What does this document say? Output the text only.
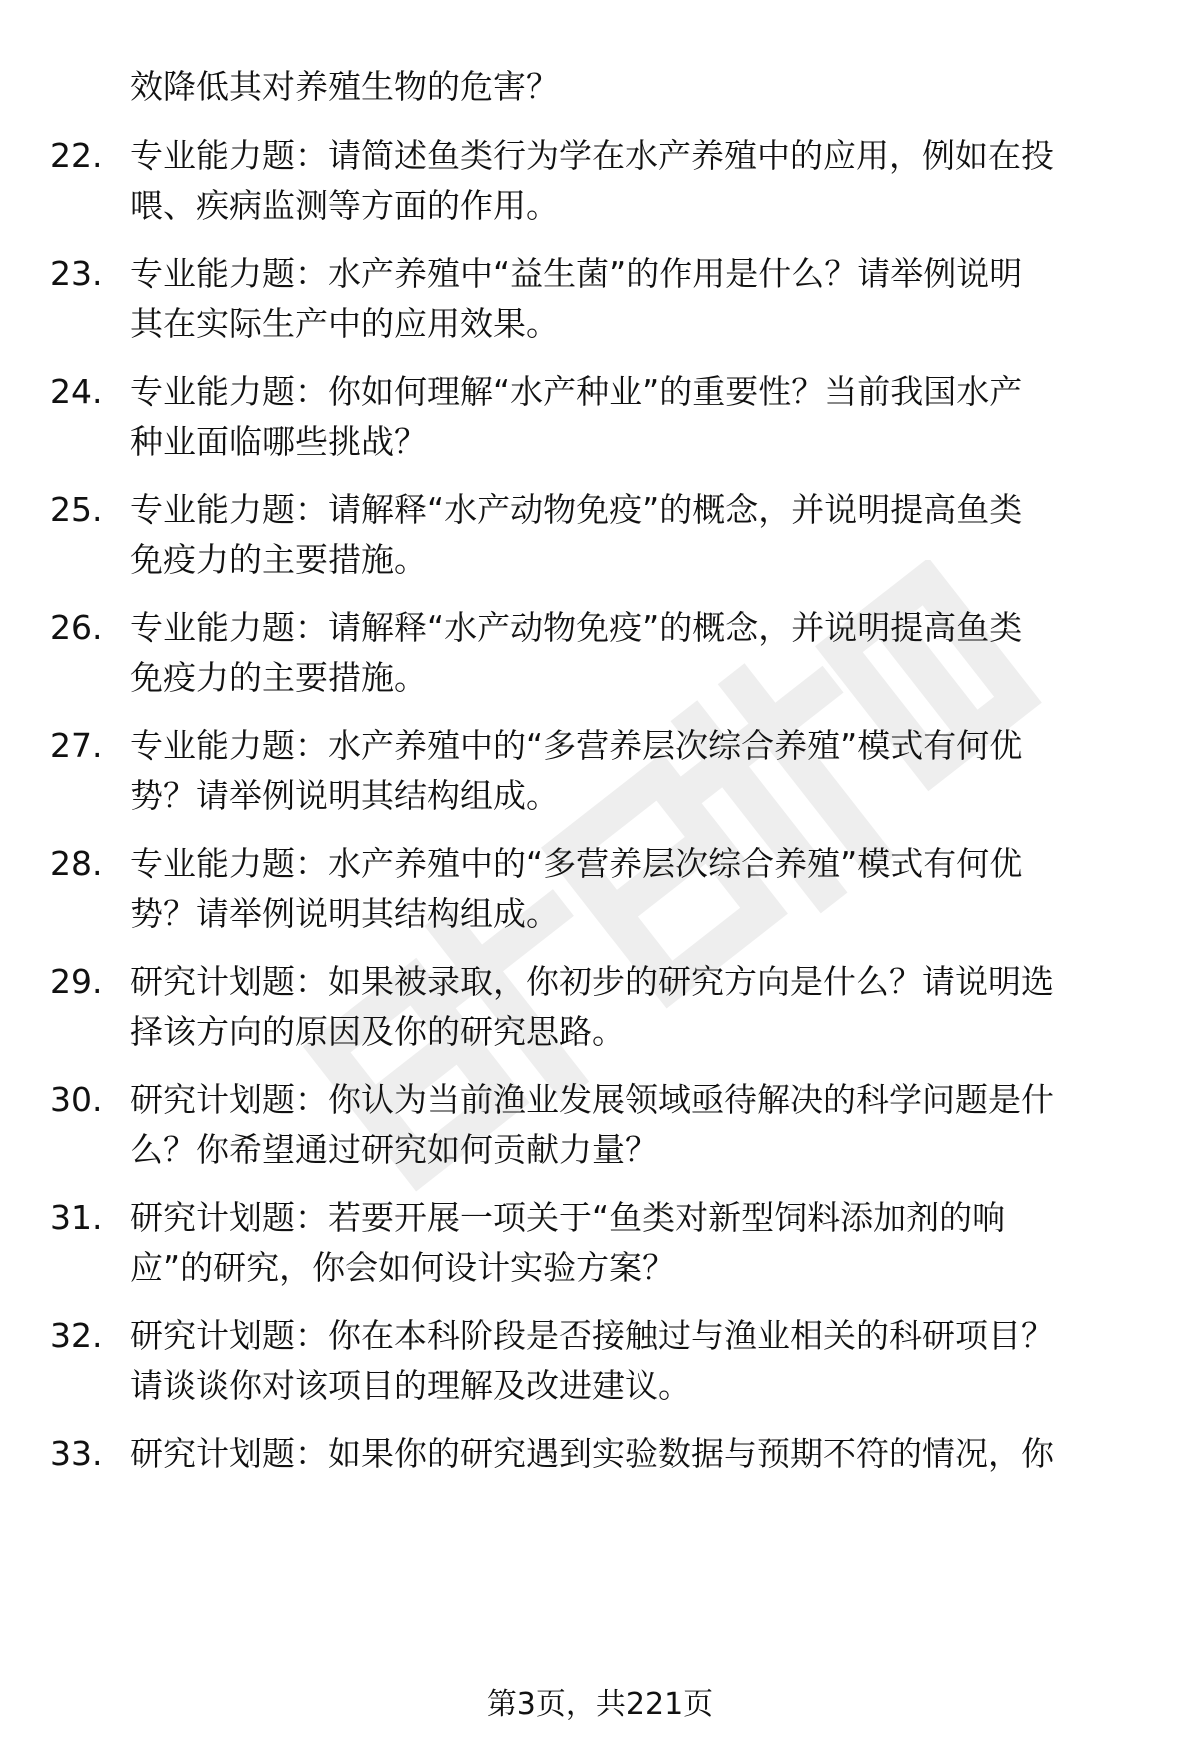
效降低其对养殖生物的危害？
22. 专业能力题：请简述鱼类行为学在水产养殖中的应用，例如在投
喂、疾病监测等方面的作用。
23. 专业能力题：水产养殖中“益生菌”的作用是什么？请举例说明
其在实际生产中的应用效果。
24. 专业能力题：你如何理解“水产种业”的重要性？当前我国水产
种业面临哪些挑战？
25. 专业能力题：请解释“水产动物免疫”的概念，并说明提高鱼类
免疫力的主要措施。
26. 专业能力题：请解释“水产动物免疫”的概念，并说明提高鱼类
免疫力的主要措施。
27. 专业能力题：水产养殖中的“多营养层次综合养殖”模式有何优
势？请举例说明其结构组成。
28. 专业能力题：水产养殖中的“多营养层次综合养殖”模式有何优
势？请举例说明其结构组成。
29. 研究计划题：如果被录取，你初步的研究方向是什么？请说明选
择该方向的原因及你的研究思路。
30. 研究计划题：你认为当前渔业发展领域亟待解决的科学问题是什
么？你希望通过研究如何贡献力量？
31. 研究计划题：若要开展一项关于“鱼类对新型饲料添加剂的响
应”的研究，你会如何设计实验方案？
32. 研究计划题：你在本科阶段是否接触过与渔业相关的科研项目？
请谈谈你对该项目的理解及改进建议。
33. 研究计划题：如果你的研究遇到实验数据与预期不符的情况，你
第3页，共221页
